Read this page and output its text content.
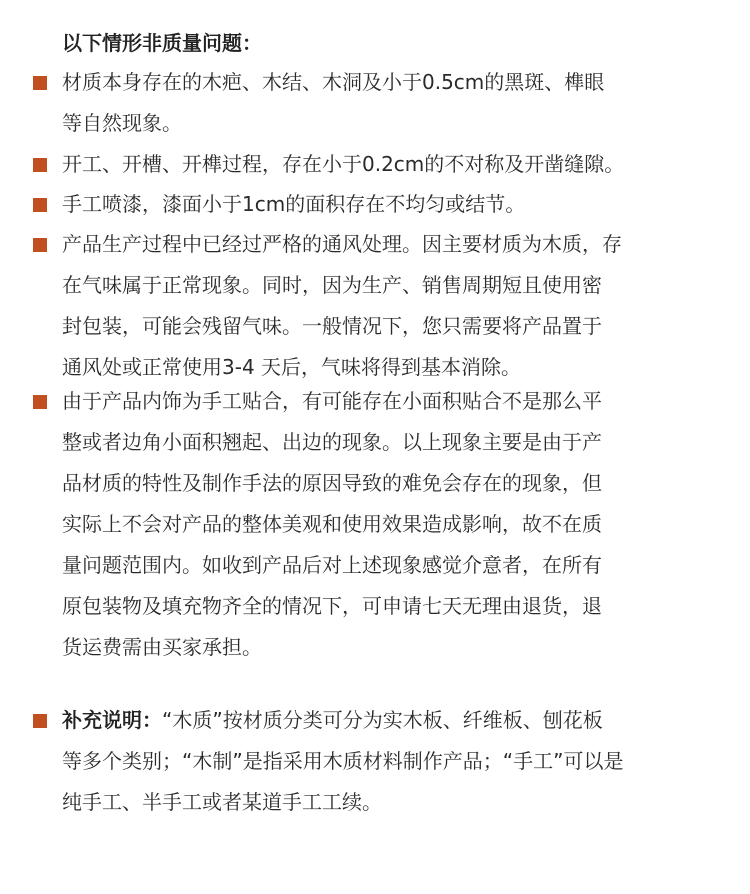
以下情形非质量问题：
材质本身存在的木疤、木结、木洞及小于0.5cm的黑斑、榫眼
等自然现象。
开工、开槽、开榫过程，存在小于0.2cm的不对称及开凿缝隙。
手工喷漆，漆面小于1cm的面积存在不均匀或结节。
产品生产过程中已经过严格的通风处理。因主要材质为木质，存
在气味属于正常现象。同时，因为生产、销售周期短且使用密
封包装，可能会残留气味。一般情况下，您只需要将产品置于
通风处或正常使用3-4 天后，气味将得到基本消除。
由于产品内饰为手工贴合，有可能存在小面积贴合不是那么平
整或者边角小面积翘起、出边的现象。以上现象主要是由于产
品材质的特性及制作手法的原因导致的难免会存在的现象，但
实际上不会对产品的整体美观和使用效果造成影响，故不在质
量问题范围内。如收到产品后对上述现象感觉介意者，在所有
原包装物及填充物齐全的情况下，可申请七天无理由退货，退
货运费需由买家承担。
补充说明：“木质”按材质分类可分为实木板、纤维板、刨花板
等多个类别；“木制”是指采用木质材料制作产品；“手工”可以是
纯手工、半手工或者某道手工工续。
